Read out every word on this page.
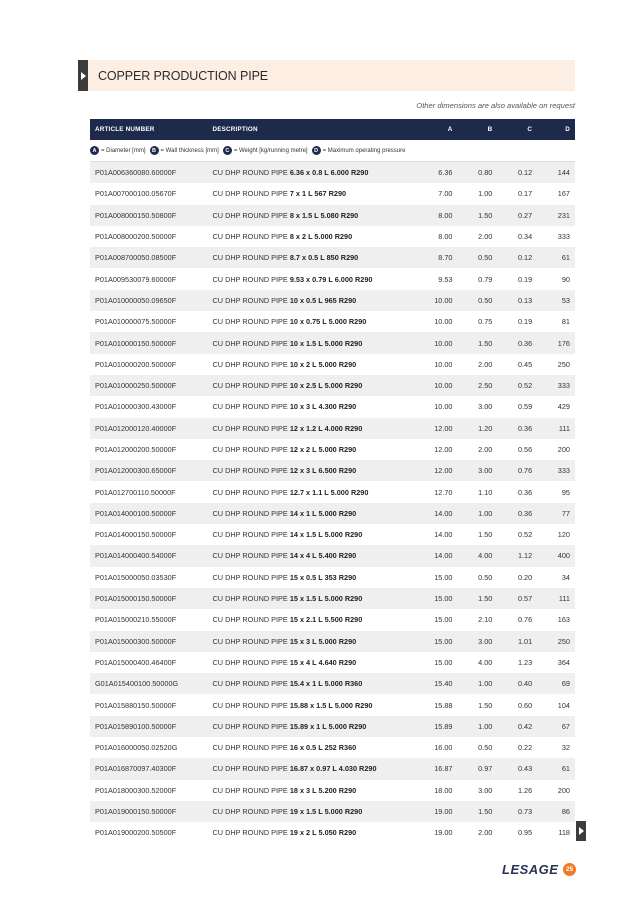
COPPER PRODUCTION PIPE
Other dimensions are also available on request
ARTICLE NUMBER	DESCRIPTION	A	B	C	D
A = Diameter [mm]	B = Wall thickness [mm]	C = Weight [kg/running metre]	D = Maximum operating pressure
P01A006360080.60000F	CU DHP ROUND PIPE 6.36 x 0.8 L 6.000 R290	6.36	0.80	0.12	144
P01A007000100.05670F	CU DHP ROUND PIPE 7 x 1 L 567 R290	7.00	1.00	0.17	167
P01A008000150.50800F	CU DHP ROUND PIPE 8 x 1.5 L 5.080 R290	8.00	1.50	0.27	231
P01A008000200.50000F	CU DHP ROUND PIPE 8 x 2 L 5.000 R290	8.00	2.00	0.34	333
P01A008700050.08500F	CU DHP ROUND PIPE 8.7 x 0.5 L 850 R290	8.70	0.50	0.12	61
P01A009530079.60000F	CU DHP ROUND PIPE 9.53 x 0.79 L 6.000 R290	9.53	0.79	0.19	90
P01A010000050.09650F	CU DHP ROUND PIPE 10 x 0.5 L 965 R290	10.00	0.50	0.13	53
P01A010000075.50000F	CU DHP ROUND PIPE 10 x 0.75 L 5.000 R290	10.00	0.75	0.19	81
P01A010000150.50000F	CU DHP ROUND PIPE 10 x 1.5 L 5.000 R290	10.00	1.50	0.36	176
P01A010000200.50000F	CU DHP ROUND PIPE 10 x 2 L 5.000 R290	10.00	2.00	0.45	250
P01A010000250.50000F	CU DHP ROUND PIPE 10 x 2.5 L 5.000 R290	10.00	2.50	0.52	333
P01A010000300.43000F	CU DHP ROUND PIPE 10 x 3 L 4.300 R290	10.00	3.00	0.59	429
P01A012000120.40000F	CU DHP ROUND PIPE 12 x 1.2 L 4.000 R290	12.00	1.20	0.36	111
P01A012000200.50000F	CU DHP ROUND PIPE 12 x 2 L 5.000 R290	12.00	2.00	0.56	200
P01A012000300.65000F	CU DHP ROUND PIPE 12 x 3 L 6.500 R290	12.00	3.00	0.76	333
P01A012700110.50000F	CU DHP ROUND PIPE 12.7 x 1.1 L 5.000 R290	12.70	1.10	0.36	95
P01A014000100.50000F	CU DHP ROUND PIPE 14 x 1 L 5.000 R290	14.00	1.00	0.36	77
P01A014000150.50000F	CU DHP ROUND PIPE 14 x 1.5 L 5.000 R290	14.00	1.50	0.52	120
P01A014000400.54000F	CU DHP ROUND PIPE 14 x 4 L 5.400 R290	14.00	4.00	1.12	400
P01A015000050.03530F	CU DHP ROUND PIPE 15 x 0.5 L 353 R290	15.00	0.50	0.20	34
P01A015000150.50000F	CU DHP ROUND PIPE 15 x 1.5 L 5.000 R290	15.00	1.50	0.57	111
P01A015000210.55000F	CU DHP ROUND PIPE 15 x 2.1 L 5.500 R290	15.00	2.10	0.76	163
P01A015000300.50000F	CU DHP ROUND PIPE 15 x 3 L 5.000 R290	15.00	3.00	1.01	250
P01A015000400.46400F	CU DHP ROUND PIPE 15 x 4 L 4.640 R290	15.00	4.00	1.23	364
G01A015400100.50000G	CU DHP ROUND PIPE 15.4 x 1 L 5.000 R360	15.40	1.00	0.40	69
P01A015880150.50000F	CU DHP ROUND PIPE 15.88 x 1.5 L 5.000 R290	15.88	1.50	0.60	104
P01A015890100.50000F	CU DHP ROUND PIPE 15.89 x 1 L 5.000 R290	15.89	1.00	0.42	67
P01A016000050.02520G	CU DHP ROUND PIPE 16 x 0.5 L 252 R360	16.00	0.50	0.22	32
P01A016870097.40300F	CU DHP ROUND PIPE 16.87 x 0.97 L 4.030 R290	16.87	0.97	0.43	61
P01A018000300.52000F	CU DHP ROUND PIPE 18 x 3 L 5.200 R290	18.00	3.00	1.26	200
P01A019000150.50000F	CU DHP ROUND PIPE 19 x 1.5 L 5.000 R290	19.00	1.50	0.73	86
P01A019000200.50500F	CU DHP ROUND PIPE 19 x 2 L 5.050 R290	19.00	2.00	0.95	118
LESAGE	25
